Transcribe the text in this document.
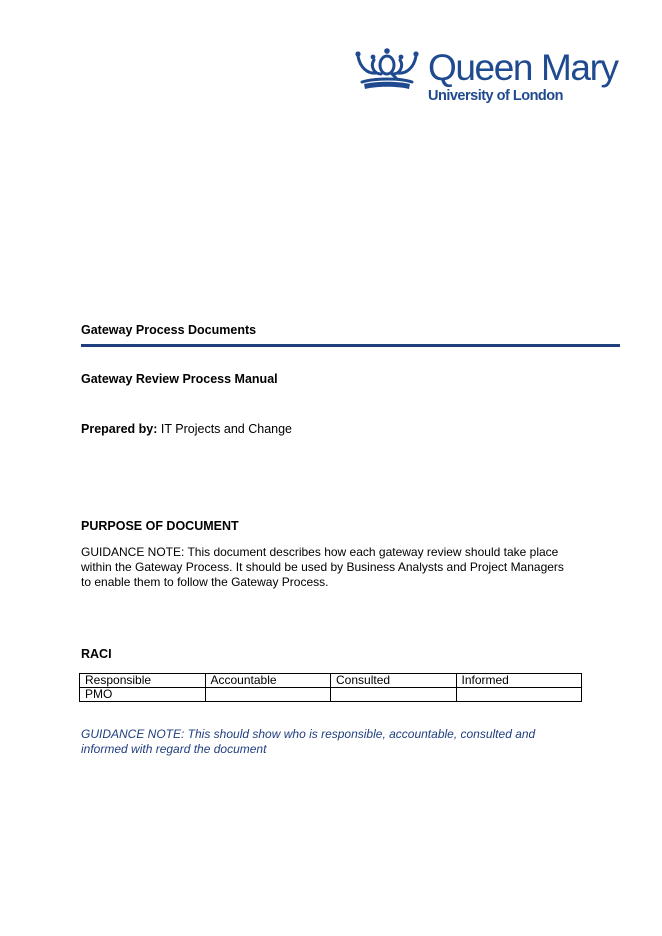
Queen Mary
University of London
Gateway Process Documents
Gateway Review Process Manual
Prepared by: IT Projects and Change
PURPOSE OF DOCUMENT
GUIDANCE NOTE: This document describes how each gateway review should take place
within the Gateway Process. It should be used by Business Analysts and Project Managers
to enable them to follow the Gateway Process.
RACI
Responsible	Accountable	Consulted	Informed
PMO			
GUIDANCE NOTE: This should show who is responsible, accountable, consulted and
informed with regard the document
